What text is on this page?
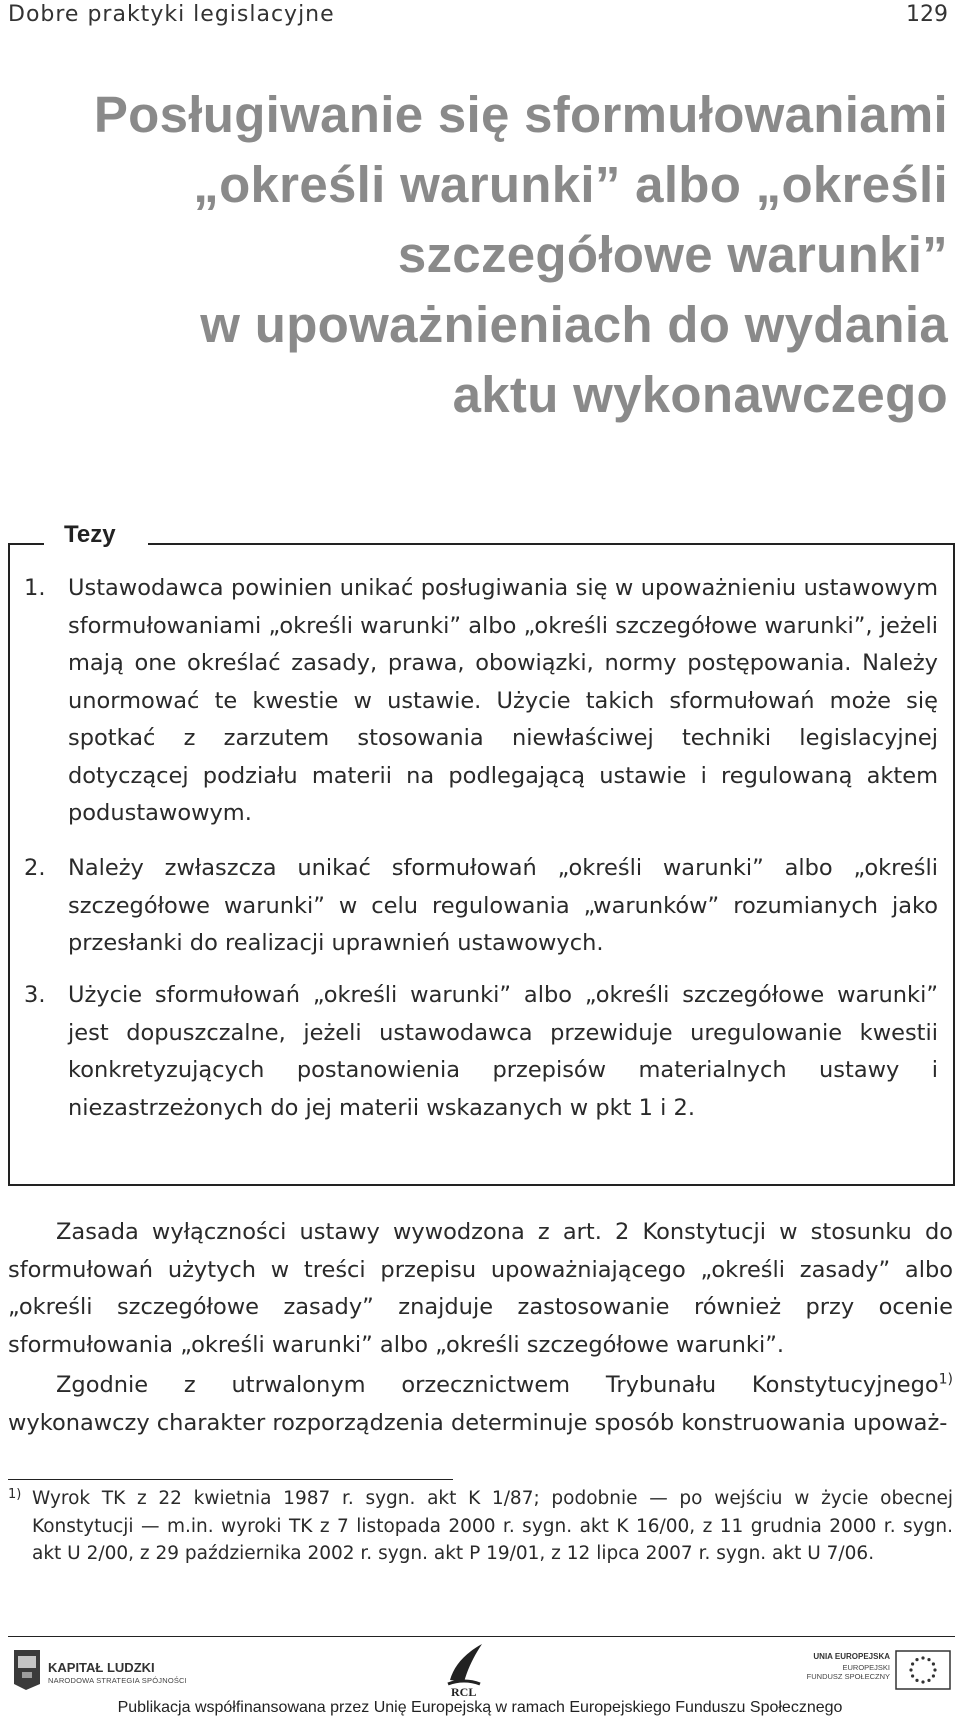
Dobre praktyki legislacyjne	129
Posługiwanie się sformułowaniami
„określi warunki” albo „określi
szczegółowe warunki”
w upoważnieniach do wydania
aktu wykonawczego
Tezy
1. Ustawodawca powinien unikać posługiwania się w upoważnieniu ustawowym sformułowaniami „określi warunki” albo „określi szczegółowe warunki”, jeżeli mają one określać zasady, prawa, obowiązki, normy postępowania. Należy unormować te kwestie w ustawie. Użycie takich sformułowań może się spotkać z zarzutem stosowania niewłaściwej techniki legislacyjnej dotyczącej podziału materii na podlegającą ustawie i regulowaną aktem podustawowym.
2. Należy zwłaszcza unikać sformułowań „określi warunki” albo „określi szczegółowe warunki” w celu regulowania „warunków” rozumianych jako przesłanki do realizacji uprawnień ustawowych.
3. Użycie sformułowań „określi warunki” albo „określi szczegółowe warunki” jest dopuszczalne, jeżeli ustawodawca przewiduje uregulowanie kwestii konkretyzujących postanowienia przepisów materialnych ustawy i niezastrzeżonych do jej materii wskazanych w pkt 1 i 2.
Zasada wyłączności ustawy wywodzona z art. 2 Konstytucji w stosunku do sformułowań użytych w treści przepisu upoważniającego „określi zasady” albo „określi szczegółowe zasady” znajduje zastosowanie również przy ocenie sformułowania „określi warunki” albo „określi szczegółowe warunki”.
Zgodnie z utrwalonym orzecznictwem Trybunału Konstytucyjnego$^{1)}$ wykonawczy charakter rozporządzenia determinuje sposób konstruowania upoważ-
1) Wyrok TK z 22 kwietnia 1987 r. sygn. akt K 1/87; podobnie — po wejściu w życie obecnej Konstytucji — m.in. wyroki TK z 7 listopada 2000 r. sygn. akt K 16/00, z 11 grudnia 2000 r. sygn. akt U 2/00, z 29 października 2002 r. sygn. akt P 19/01, z 12 lipca 2007 r. sygn. akt U 7/06.
KAPITAŁ LUDZKI
NARODOWA STRATEGIA SPÓJNOŚCI
RCL
UNIA EUROPEJSKA
EUROPEJSKI
FUNDUSZ SPOŁECZNY
Publikacja współfinansowana przez Unię Europejską w ramach Europejskiego Funduszu Społecznego
